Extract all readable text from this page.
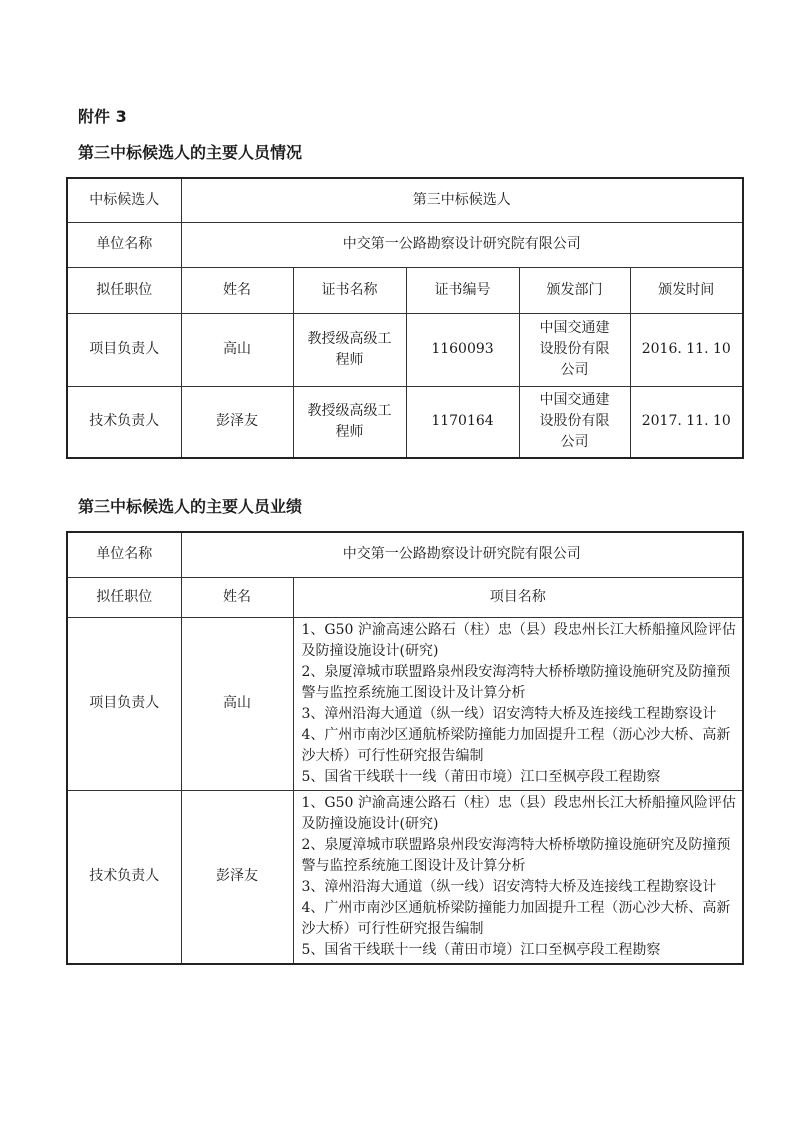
附件 3
第三中标候选人的主要人员情况
中标候选人	第三中标候选人				
单位名称	中交第一公路勘察设计研究院有限公司				
拟任职位	姓名	证书名称	证书编号	颁发部门	颁发时间
项目负责人	高山	教授级高级工程师	1160093	中国交通建设股份有限公司	2016. 11. 10
技术负责人	彭泽友	教授级高级工程师	1170164	中国交通建设股份有限公司	2017. 11. 10
第三中标候选人的主要人员业绩
单位名称	中交第一公路勘察设计研究院有限公司	
拟任职位	姓名	项目名称
项目负责人	高山	1、G50 沪渝高速公路石（柱）忠（县）段忠州长江大桥船撞风险评估及防撞设施设计(研究)
2、泉厦漳城市联盟路泉州段安海湾特大桥桥墩防撞设施研究及防撞预警与监控系统施工图设计及计算分析
3、漳州沿海大通道（纵一线）诏安湾特大桥及连接线工程勘察设计
4、广州市南沙区通航桥梁防撞能力加固提升工程（沥心沙大桥、高新沙大桥）可行性研究报告编制
5、国省干线联十一线（莆田市境）江口至枫亭段工程勘察

技术负责人	彭泽友	1、G50 沪渝高速公路石（柱）忠（县）段忠州长江大桥船撞风险评估及防撞设施设计(研究)
2、泉厦漳城市联盟路泉州段安海湾特大桥桥墩防撞设施研究及防撞预警与监控系统施工图设计及计算分析
3、漳州沿海大通道（纵一线）诏安湾特大桥及连接线工程勘察设计
4、广州市南沙区通航桥梁防撞能力加固提升工程（沥心沙大桥、高新沙大桥）可行性研究报告编制
5、国省干线联十一线（莆田市境）江口至枫亭段工程勘察
